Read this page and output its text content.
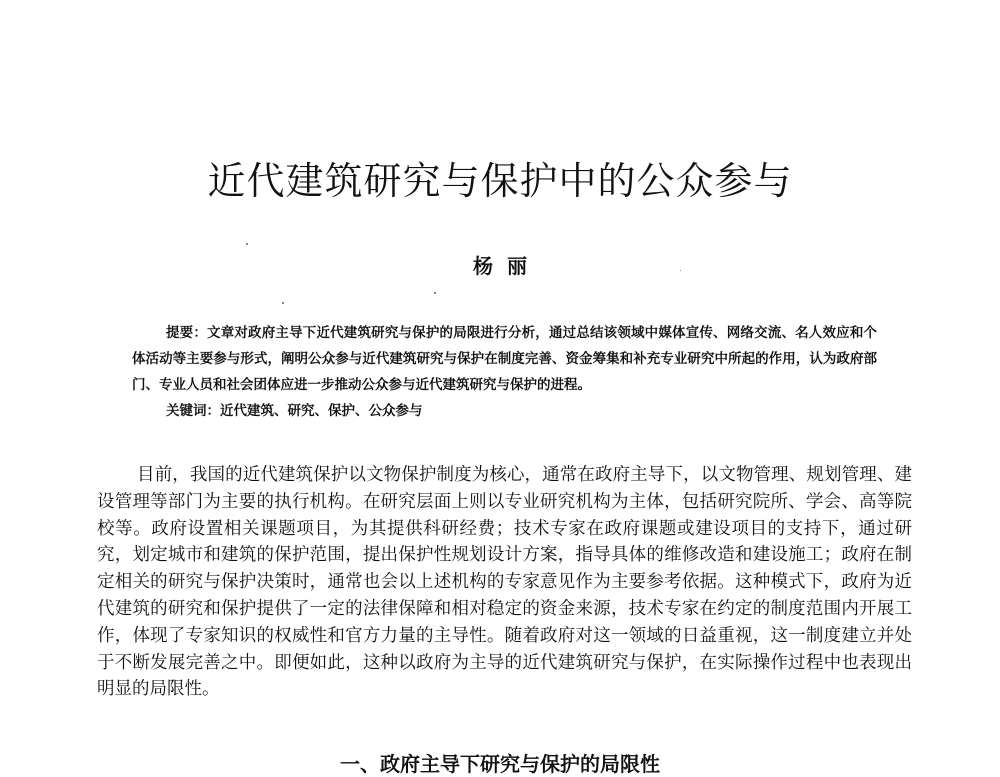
近代建筑研究与保护中的公众参与
杨丽

提要：文章对政府主导下近代建筑研究与保护的局限进行分析，通过总结该领域中媒体宣传、网络交流、名人效应和个体活动等主要参与形式，阐明公众参与近代建筑研究与保护在制度完善、资金筹集和补充专业研究中所起的作用，认为政府部门、专业人员和社会团体应进一步推动公众参与近代建筑研究与保护的进程。

关键词：近代建筑、研究、保护、公众参与

目前，我国的近代建筑保护以文物保护制度为核心，通常在政府主导下，以文物管理、规划管理、建设管理等部门为主要的执行机构。在研究层面上则以专业研究机构为主体，包括研究院所、学会、高等院校等。政府设置相关课题项目，为其提供科研经费；技术专家在政府课题或建设项目的支持下，通过研究，划定城市和建筑的保护范围，提出保护性规划设计方案，指导具体的维修改造和建设施工；政府在制定相关的研究与保护决策时，通常也会以上述机构的专家意见作为主要参考依据。这种模式下，政府为近代建筑的研究和保护提供了一定的法律保障和相对稳定的资金来源，技术专家在约定的制度范围内开展工作，体现了专家知识的权威性和官方力量的主导性。随着政府对这一领域的日益重视，这一制度建立并处于不断发展完善之中。即便如此，这种以政府为主导的近代建筑研究与保护，在实际操作过程中也表现出明显的局限性。

一、政府主导下研究与保护的局限性
